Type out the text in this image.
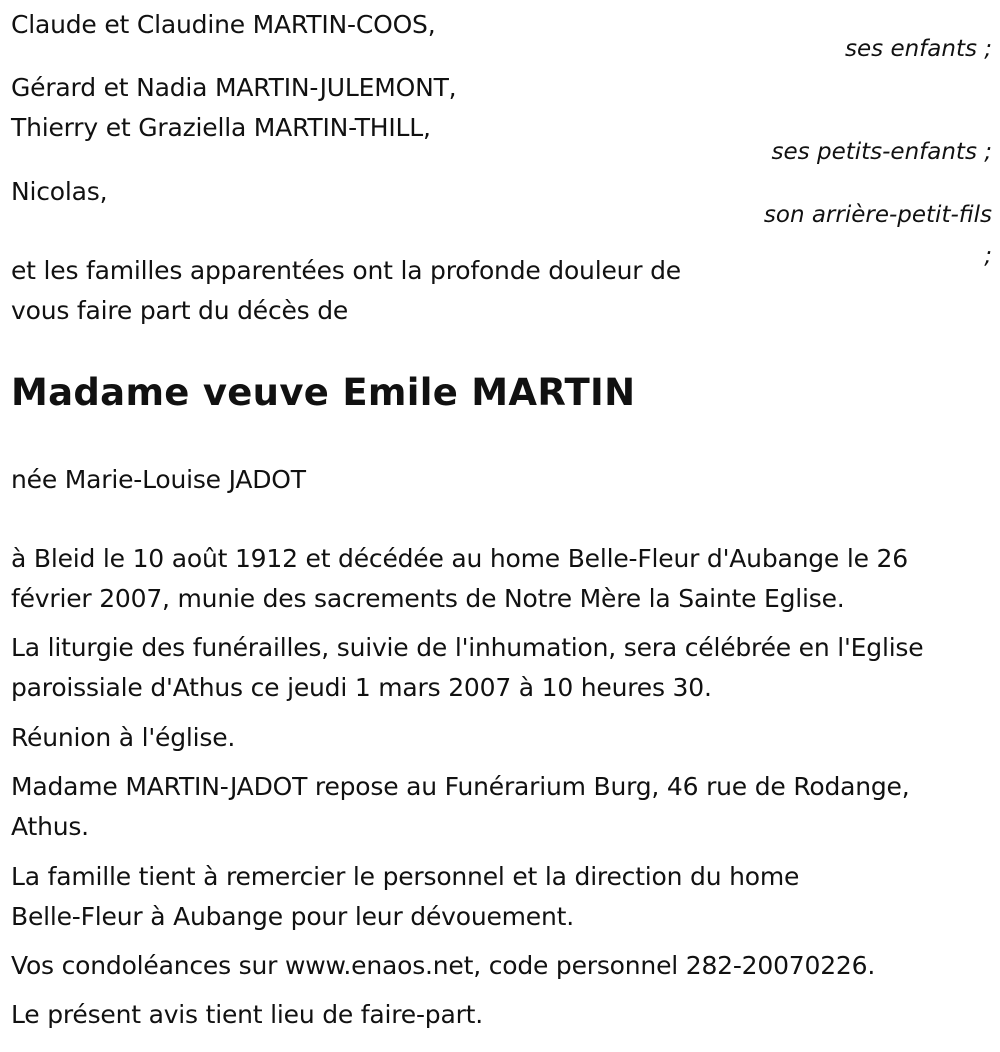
Claude et Claudine MARTIN-COOS,
ses enfants ;
Gérard et Nadia MARTIN-JULEMONT,
Thierry et Graziella MARTIN-THILL,
ses petits-enfants ;
Nicolas,
son arrière-petit-fils
;
et les familles apparentées ont la profonde douleur de
vous faire part du décès de
Madame veuve Emile MARTIN
née Marie-Louise JADOT
à Bleid le 10 août 1912 et décédée au home Belle-Fleur d'Aubange le 26
février 2007, munie des sacrements de Notre Mère la Sainte Eglise.
La liturgie des funérailles, suivie de l'inhumation, sera célébrée en l'Eglise
paroissiale d'Athus ce jeudi 1 mars 2007 à 10 heures 30.
Réunion à l'église.
Madame MARTIN-JADOT repose au Funérarium Burg, 46 rue de Rodange,
Athus.
La famille tient à remercier le personnel et la direction du home
Belle-Fleur à Aubange pour leur dévouement.
Vos condoléances sur www.enaos.net, code personnel 282-20070226.
Le présent avis tient lieu de faire-part.
